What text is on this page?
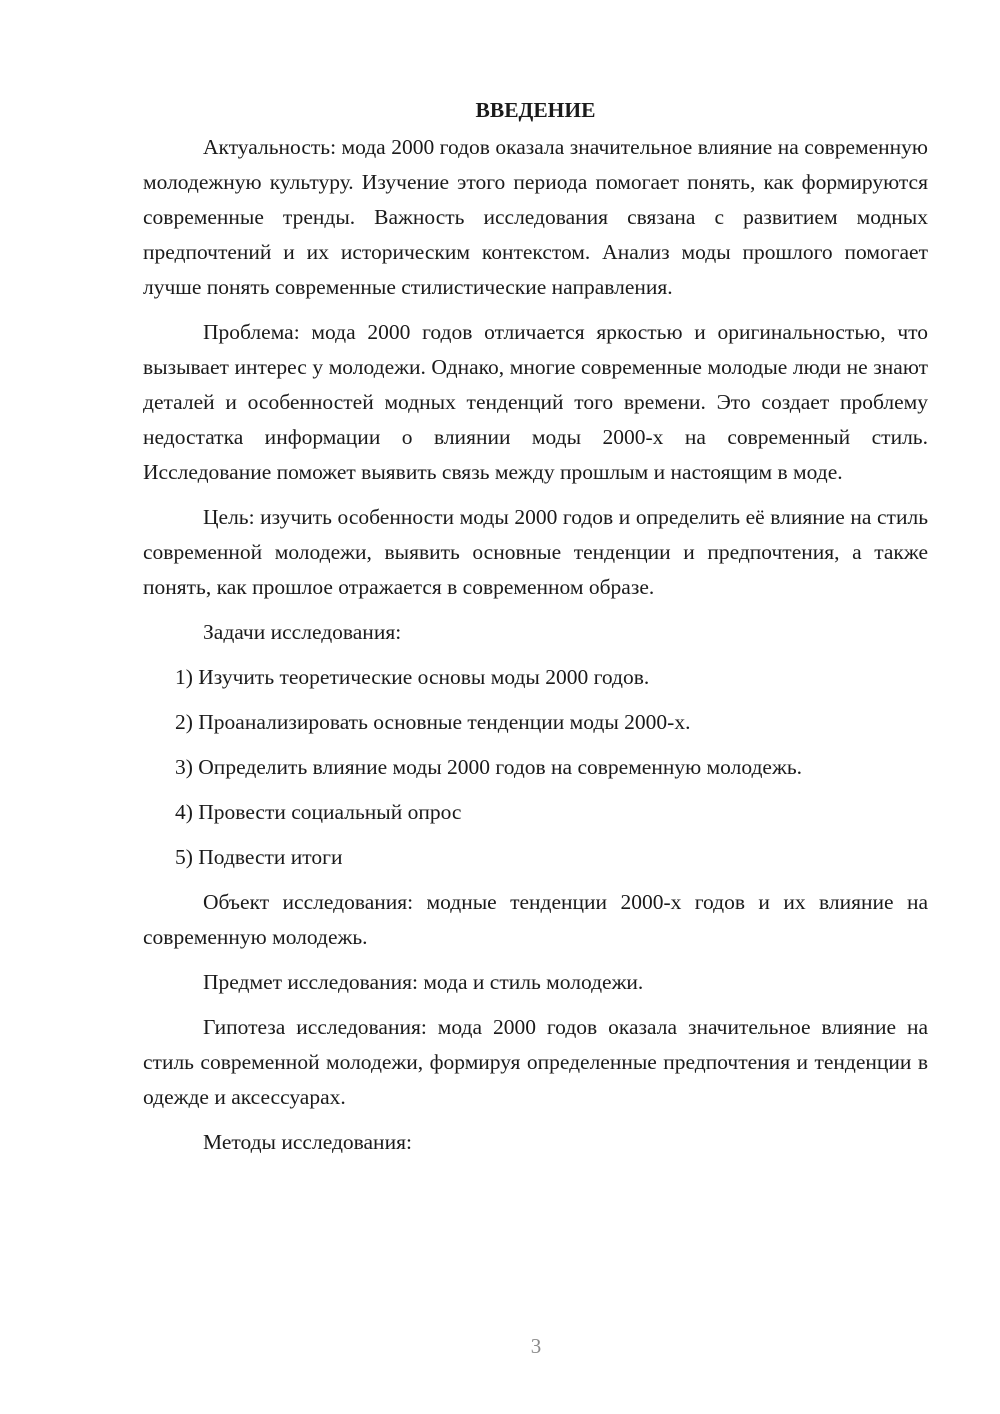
ВВЕДЕНИЕ

Актуальность: мода 2000 годов оказала значительное влияние на современную молодежную культуру. Изучение этого периода помогает понять, как формируются современные тренды. Важность исследования связана с развитием модных предпочтений и их историческим контекстом. Анализ моды прошлого помогает лучше понять современные стилистические направления.

Проблема: мода 2000 годов отличается яркостью и оригинальностью, что вызывает интерес у молодежи. Однако, многие современные молодые люди не знают деталей и особенностей модных тенденций того времени. Это создает проблему недостатка информации о влиянии моды 2000-х на современный стиль. Исследование поможет выявить связь между прошлым и настоящим в моде.

Цель: изучить особенности моды 2000 годов и определить её влияние на стиль современной молодежи, выявить основные тенденции и предпочтения, а также понять, как прошлое отражается в современном образе.

Задачи исследования:

1) Изучить теоретические основы моды 2000 годов.

2) Проанализировать основные тенденции моды 2000-х.

3) Определить влияние моды 2000 годов на современную молодежь.

4) Провести социальный опрос

5) Подвести итоги

Объект исследования: модные тенденции 2000-х годов и их влияние на современную молодежь.

Предмет исследования: мода и стиль молодежи.

Гипотеза исследования: мода 2000 годов оказала значительное влияние на стиль современной молодежи, формируя определенные предпочтения и тенденции в одежде и аксессуарах.

Методы исследования:

3
